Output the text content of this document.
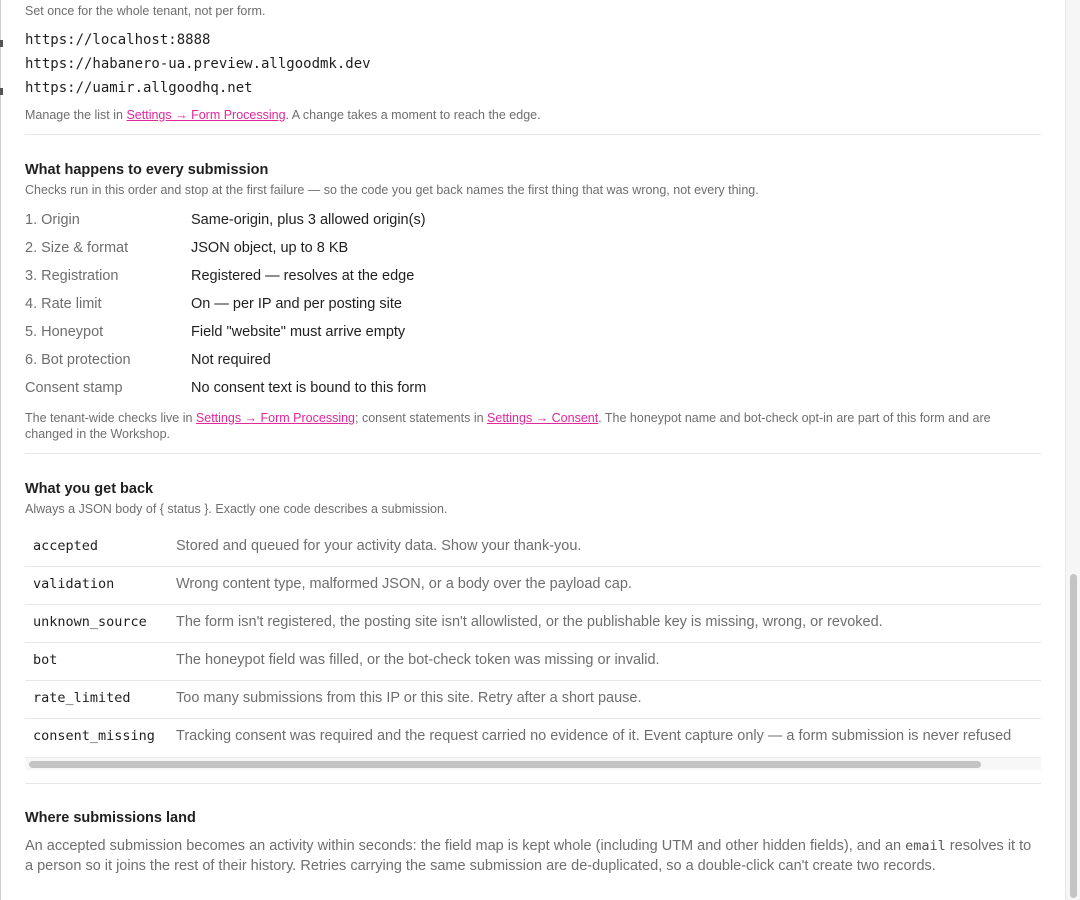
Set once for the whole tenant, not per form.
https://localhost:8888
https://habanero-ua.preview.allgoodmk.dev
https://uamir.allgoodhq.net
Manage the list in Settings → Form Processing. A change takes a moment to reach the edge.
What happens to every submission
Checks run in this order and stop at the first failure — so the code you get back names the first thing that was wrong, not every thing.
1. Origin	Same-origin, plus 3 allowed origin(s)
2. Size & format	JSON object, up to 8 KB
3. Registration	Registered — resolves at the edge
4. Rate limit	On — per IP and per posting site
5. Honeypot	Field "website" must arrive empty
6. Bot protection	Not required
Consent stamp	No consent text is bound to this form
The tenant-wide checks live in Settings → Form Processing; consent statements in Settings → Consent. The honeypot name and bot-check opt-in are part of this form and are changed in the Workshop.
What you get back
Always a JSON body of { status }. Exactly one code describes a submission.
accepted	Stored and queued for your activity data. Show your thank-you.
validation	Wrong content type, malformed JSON, or a body over the payload cap.
unknown_source The form isn't registered, the posting site isn't allowlisted, or the publishable key is missing, wrong, or revoked.
bot	The honeypot field was filled, or the bot-check token was missing or invalid.
rate_limited	Too many submissions from this IP or this site. Retry after a short pause.
consent_missing Tracking consent was required and the request carried no evidence of it. Event capture only — a form submission is never refused
Where submissions land
An accepted submission becomes an activity within seconds: the field map is kept whole (including UTM and other hidden fields), and an email resolves it to a person so it joins the rest of their history. Retries carrying the same submission are de-duplicated, so a double-click can't create two records.
